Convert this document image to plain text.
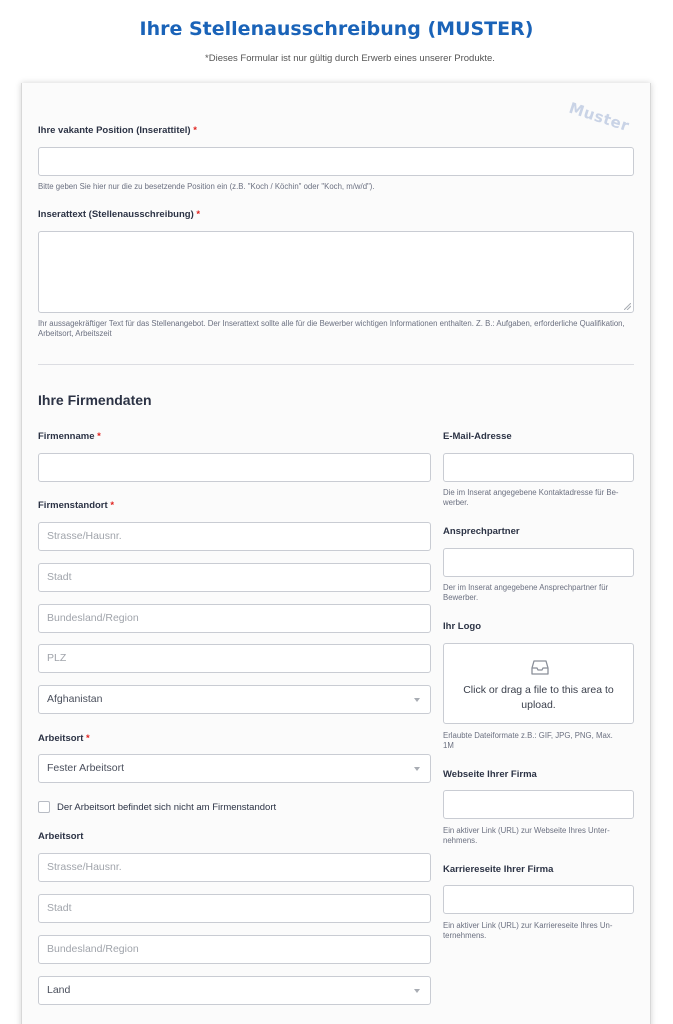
Ihre Stellenausschreibung (MUSTER)
*Dieses Formular ist nur gültig durch Erwerb eines unserer Produkte.
Muster
Ihre vakante Position (Inserattitel) *
Bitte geben Sie hier nur die zu besetzende Position ein (z.B. "Koch / Köchin" oder "Koch, m/w/d").
Inserattext (Stellenausschreibung) *
Ihr aussagekräftiger Text für das Stellenangebot. Der Inserattext sollte alle für die Bewerber wichtigen Informationen enthalten. Z. B.: Aufgaben, erforderliche Qualifikation, Arbeitsort, Arbeitszeit
Ihre Firmendaten
Firmenname *
Firmenstandort *
Strasse/Hausnr.
Stadt
Bundesland/Region
PLZ
Afghanistan
Arbeitsort *
Fester Arbeitsort
Der Arbeitsort befindet sich nicht am Firmenstandort
Arbeitsort
Strasse/Hausnr.
Stadt
Bundesland/Region
Land
E-Mail-Adresse
Die im Inserat angegebene Kontaktadresse für Be-
werber.
Ansprechpartner
Der im Inserat angegebene Ansprechpartner für
Bewerber.
Ihr Logo
Click or drag a file to this area to
upload.
Erlaubte Dateiformate z.B.: GIF, JPG, PNG, Max.
1M
Webseite Ihrer Firma
Ein aktiver Link (URL) zur Webseite Ihres Unter-
nehmens.
Karriereseite Ihrer Firma
Ein aktiver Link (URL) zur Karriereseite Ihres Un-
ternehmens.
